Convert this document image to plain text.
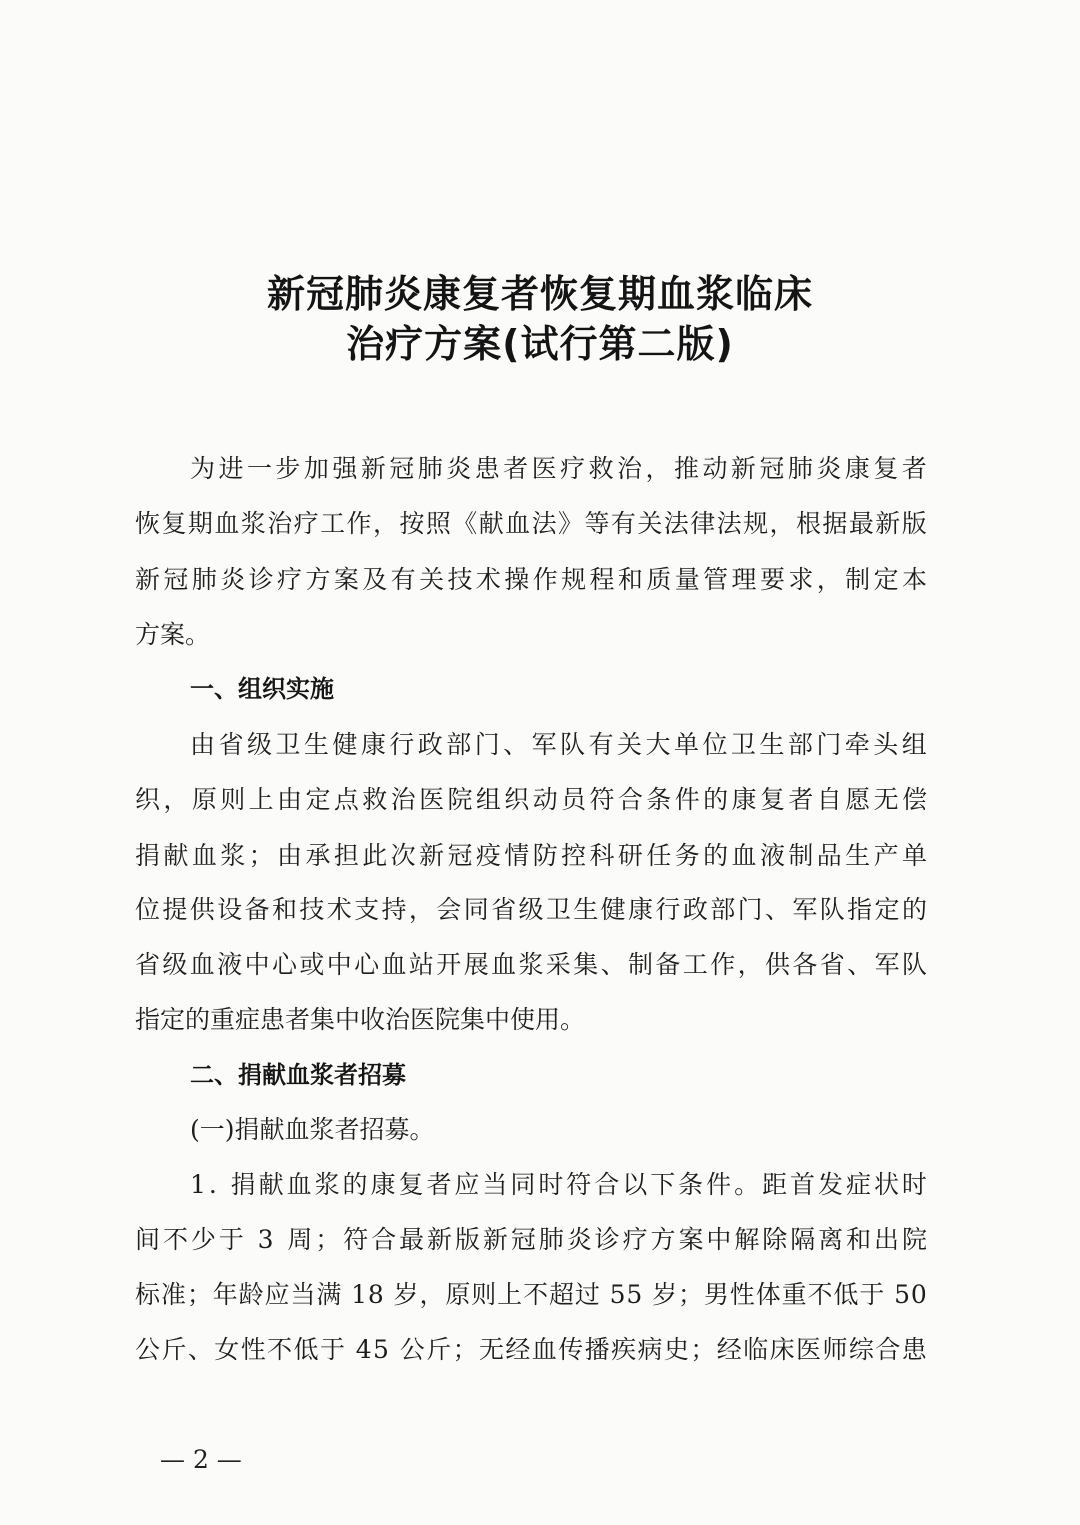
新冠肺炎康复者恢复期血浆临床
治疗方案(试行第二版)
为 进 一 步 加 强 新 冠 肺 炎 患 者 医 疗 救 治 ， 推 动 新 冠 肺 炎 康 复 者
恢 复 期 血 浆 治 疗 工 作 ， 按 照 《 献 血 法 》 等 有 关 法 律 法 规 ， 根 据 最 新 版
新 冠 肺 炎 诊 疗 方 案 及 有 关 技 术 操 作 规 程 和 质 量 管 理 要 求 ， 制 定 本
方案。
一、组织实施
由 省 级 卫 生 健 康 行 政 部 门 、 军 队 有 关 大 单 位 卫 生 部 门 牵 头 组
织 ， 原 则 上 由 定 点 救 治 医 院 组 织 动 员 符 合 条 件 的 康 复 者 自 愿 无 偿
捐 献 血 浆 ； 由 承 担 此 次 新 冠 疫 情 防 控 科 研 任 务 的 血 液 制 品 生 产 单
位 提 供 设 备 和 技 术 支 持 ， 会 同 省 级 卫 生 健 康 行 政 部 门 、 军 队 指 定 的
省 级 血 液 中 心 或 中 心 血 站 开 展 血 浆 采 集 、 制 备 工 作 ， 供 各 省 、 军 队
指定的重症患者集中收治医院集中使用。
二、捐献血浆者招募
(一)捐献血浆者招募。
1 .
捐 献 血 浆 的 康 复 者 应 当 同 时 符 合 以 下 条 件 。 距 首 发 症 状 时
间 不 少 于
3
周 ； 符 合 最 新 版 新 冠 肺 炎 诊 疗 方 案 中 解 除 隔 离 和 出 院
标 准 ； 年 龄 应 当 满
1 8
岁 ， 原 则 上 不 超 过
5 5
岁 ； 男 性 体 重 不 低 于
5 0
公 斤 、 女 性 不 低 于
4 5
公 斤 ； 无 经 血 传 播 疾 病 史 ； 经 临 床 医 师 综 合 患
— 2 —
